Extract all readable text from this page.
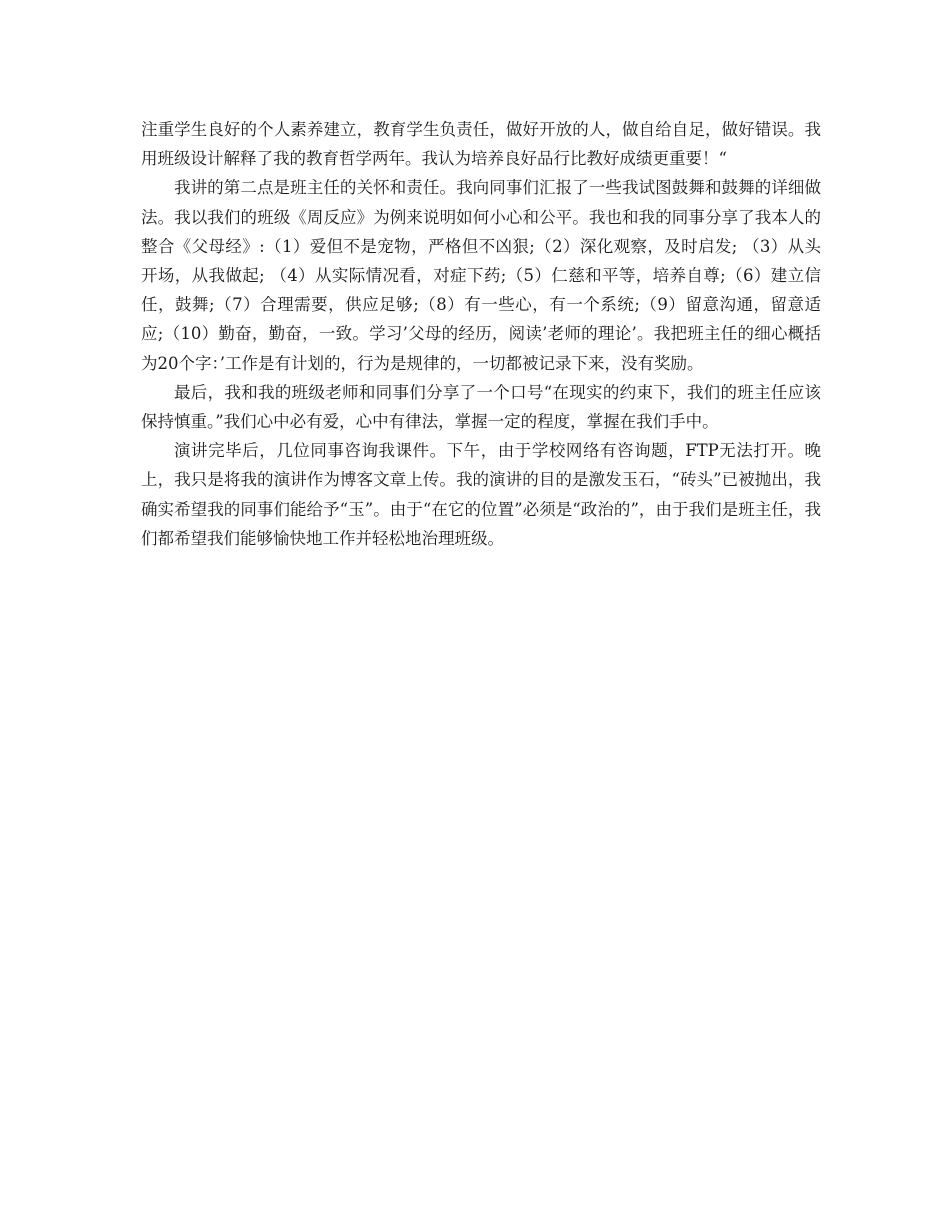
注重学生良好的个人素养建立，教育学生负责任，做好开放的人，做自给自足，做好错误。我用班级设计解释了我的教育哲学两年。我认为培养良好品行比教好成绩更重要！“

我讲的第二点是班主任的关怀和责任。我向同事们汇报了一些我试图鼓舞和鼓舞的详细做法。我以我们的班级《周反应》为例来说明如何小心和公平。我也和我的同事分享了我本人的整合《父母经》:（1）爱但不是宠物，严格但不凶狠;（2）深化观察，及时启发; （3）从头开场，从我做起; （4）从实际情况看，对症下药;（5）仁慈和平等，培养自尊;（6）建立信任，鼓舞;（7）合理需要，供应足够;（8）有一些心，有一个系统;（9）留意沟通，留意适应;（10）勤奋，勤奋，一致。学习’父母的经历，阅读’老师的理论’。我把班主任的细心概括为20个字：’工作是有计划的，行为是规律的，一切都被记录下来，没有奖励。

最后，我和我的班级老师和同事们分享了一个口号“在现实的约束下，我们的班主任应该保持慎重。”我们心中必有爱，心中有律法，掌握一定的程度，掌握在我们手中。

演讲完毕后，几位同事咨询我课件。下午，由于学校网络有咨询题，FTP无法打开。晚上，我只是将我的演讲作为博客文章上传。我的演讲的目的是激发玉石，“砖头”已被抛出，我确实希望我的同事们能给予“玉”。由于“在它的位置”必须是“政治的”，由于我们是班主任，我们都希望我们能够愉快地工作并轻松地治理班级。
